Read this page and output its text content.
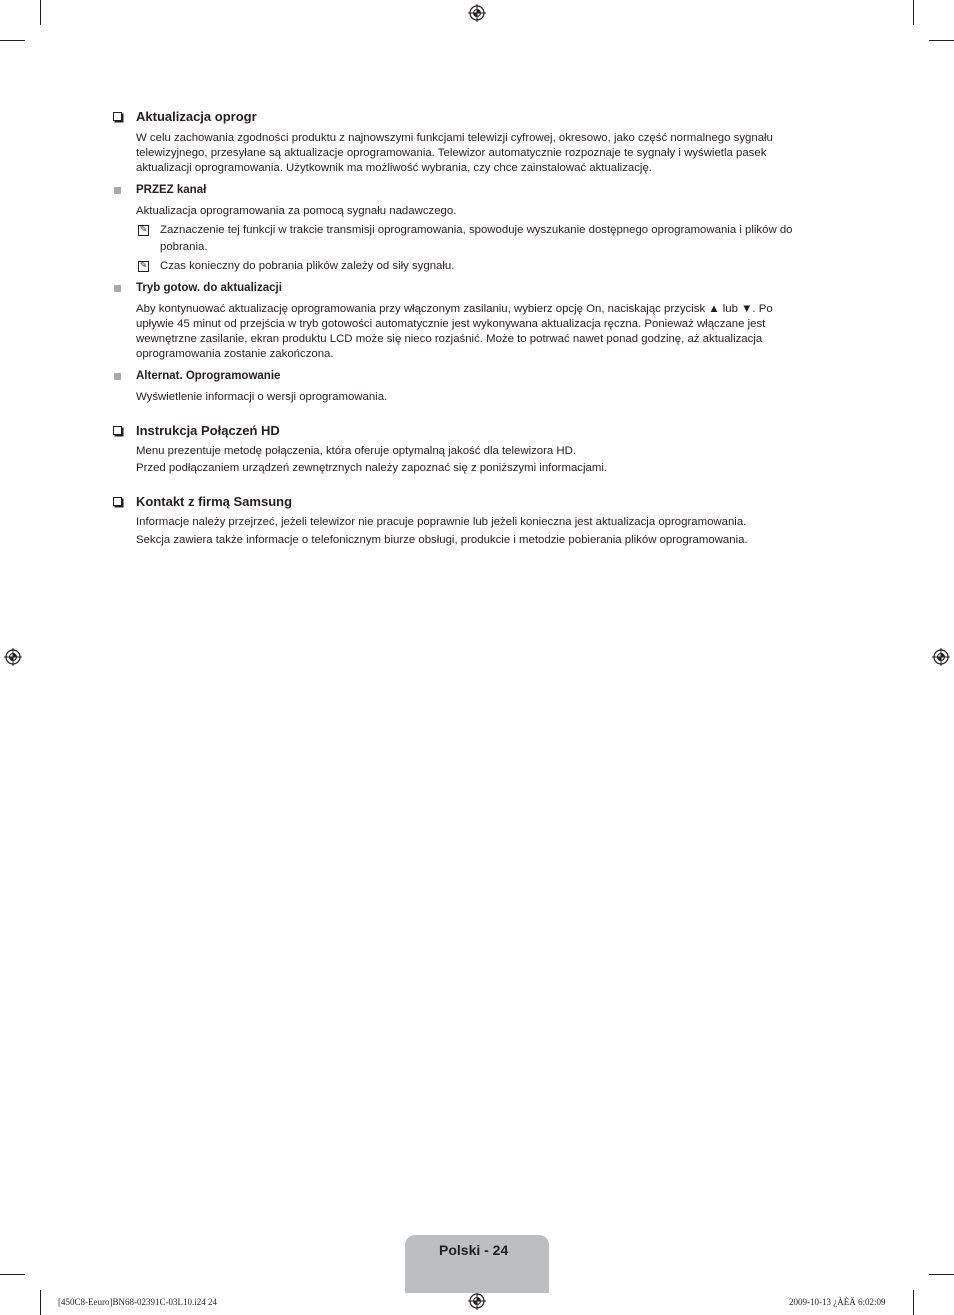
Aktualizacja oprogr
W celu zachowania zgodności produktu z najnowszymi funkcjami telewizji cyfrowej, okresowo, jako część normalnego sygnału
telewizyjnego, przesyłane są aktualizacje oprogramowania. Telewizor automatycznie rozpoznaje te sygnały i wyświetla pasek
aktualizacji oprogramowania. Użytkownik ma możliwość wybrania, czy chce zainstalować aktualizację.
PRZEZ kanał
Aktualizacja oprogramowania za pomocą sygnału nadawczego.
✎ Zaznaczenie tej funkcji w trakcie transmisji oprogramowania, spowoduje wyszukanie dostępnego oprogramowania i plików do
pobrania.
✎ Czas konieczny do pobrania plików zależy od siły sygnału.
Tryb gotow. do aktualizacji
Aby kontynuować aktualizację oprogramowania przy włączonym zasilaniu, wybierz opcję On, naciskając przycisk ▲ lub ▼. Po
upływie 45 minut od przejścia w tryb gotowości automatycznie jest wykonywana aktualizacja ręczna. Ponieważ włączane jest
wewnętrzne zasilanie, ekran produktu LCD może się nieco rozjaśnić. Może to potrwać nawet ponad godzinę, aż aktualizacja
oprogramowania zostanie zakończona.
Alternat. Oprogramowanie
Wyświetlenie informacji o wersji oprogramowania.
Instrukcja Połączeń HD
Menu prezentuje metodę połączenia, która oferuje optymalną jakość dla telewizora HD.
Przed podłączaniem urządzeń zewnętrznych należy zapoznać się z poniższymi informacjami.
Kontakt z firmą Samsung
Informacje należy przejrzeć, jeżeli telewizor nie pracuje poprawnie lub jeżeli konieczna jest aktualizacja oprogramowania.
Sekcja zawiera także informacje o telefonicznym biurze obsługi, produkcie i metodzie pobierania plików oprogramowania.
Polski - 24
[450C8-Eeuro]BN68-02391C-03L10.i24 24	2009-10-13 ¿ÀÈÄ 6:02:09
